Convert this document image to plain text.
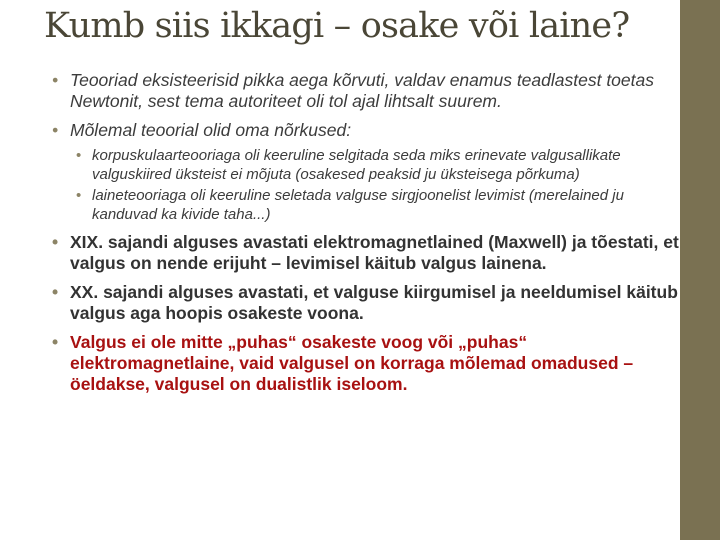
Kumb siis ikkagi – osake või laine?
• Teooriad eksisteerisid pikka aega kõrvuti, valdav enamus teadlastest toetas Newtonit, sest tema autoriteet oli tol ajal lihtsalt suurem.
• Mõlemal teoorial olid oma nõrkused:
• korpuskulaarteooriaga oli keeruline selgitada seda miks erinevate valgusallikate valguskiired üksteist ei mõjuta (osakesed peaksid ju üksteisega põrkuma)
• laineteooriaga oli keeruline seletada valguse sirgjoonelist levimist (merelained ju kanduvad ka kivide taha...)
• XIX. sajandi alguses avastati elektromagnetlained (Maxwell) ja tõestati, et valgus on nende erijuht – levimisel käitub valgus lainena.
• XX. sajandi alguses avastati, et valguse kiirgumisel ja neeldumisel käitub valgus aga hoopis osakeste voona.
• Valgus ei ole mitte „puhas“ osakeste voog või „puhas“ elektromagnetlaine, vaid valgusel on korraga mõlemad omadused – öeldakse, valgusel on dualistlik iseloom.
